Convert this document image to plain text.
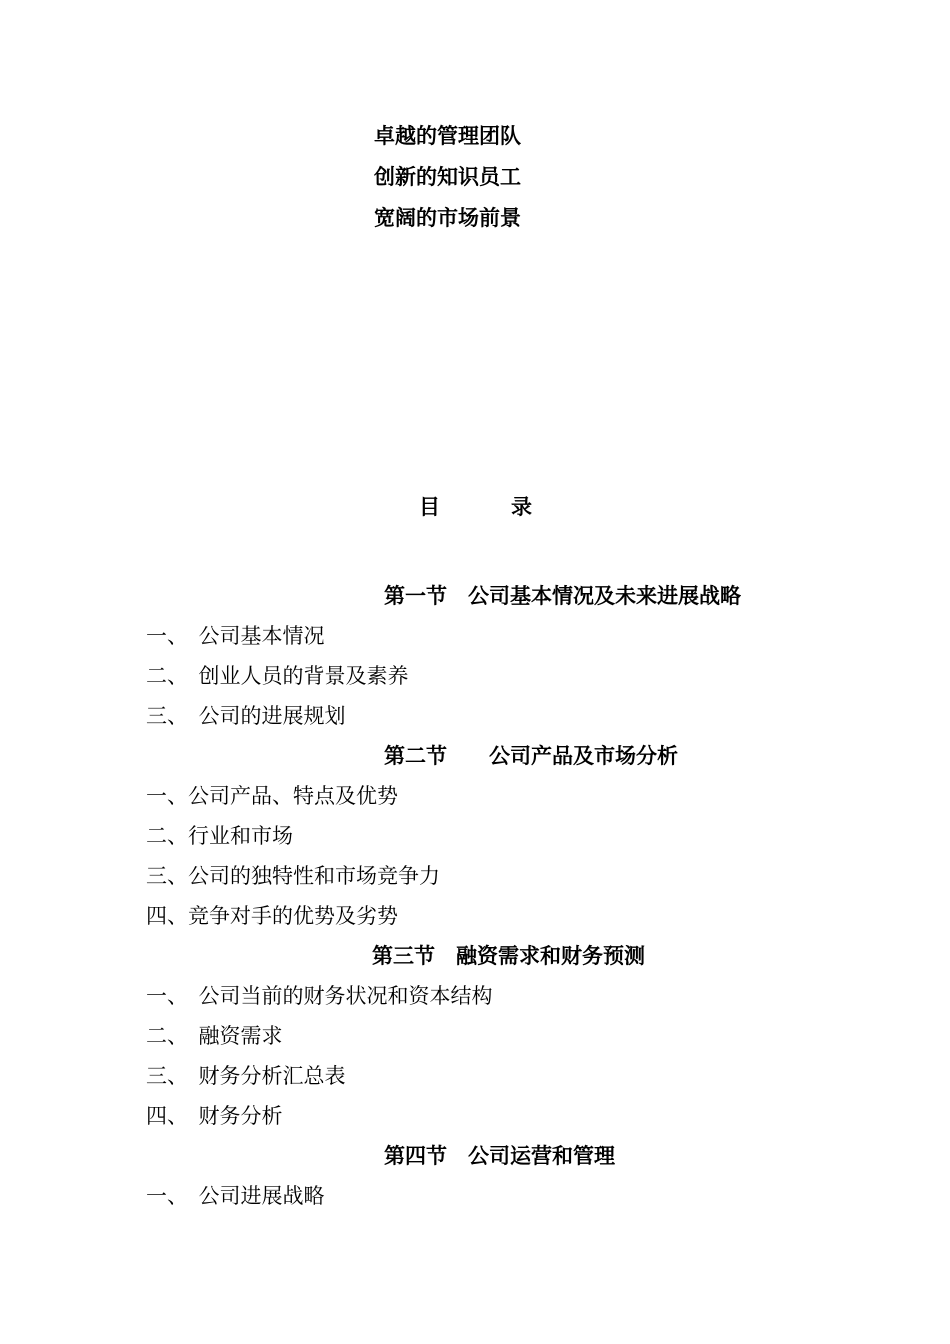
卓越的管理团队
创新的知识员工
宽阔的市场前景
目	录
第一节　公司基本情况及未来进展战略
一、　公司基本情况
二、　创业人员的背景及素养
三、　公司的进展规划
第二节　　公司产品及市场分析
一、公司产品、特点及优势
二、行业和市场
三、公司的独特性和市场竞争力
四、竞争对手的优势及劣势
第三节　融资需求和财务预测
一、　公司当前的财务状况和资本结构
二、　融资需求
三、　财务分析汇总表
四、　财务分析
第四节　公司运营和管理
一、　公司进展战略
